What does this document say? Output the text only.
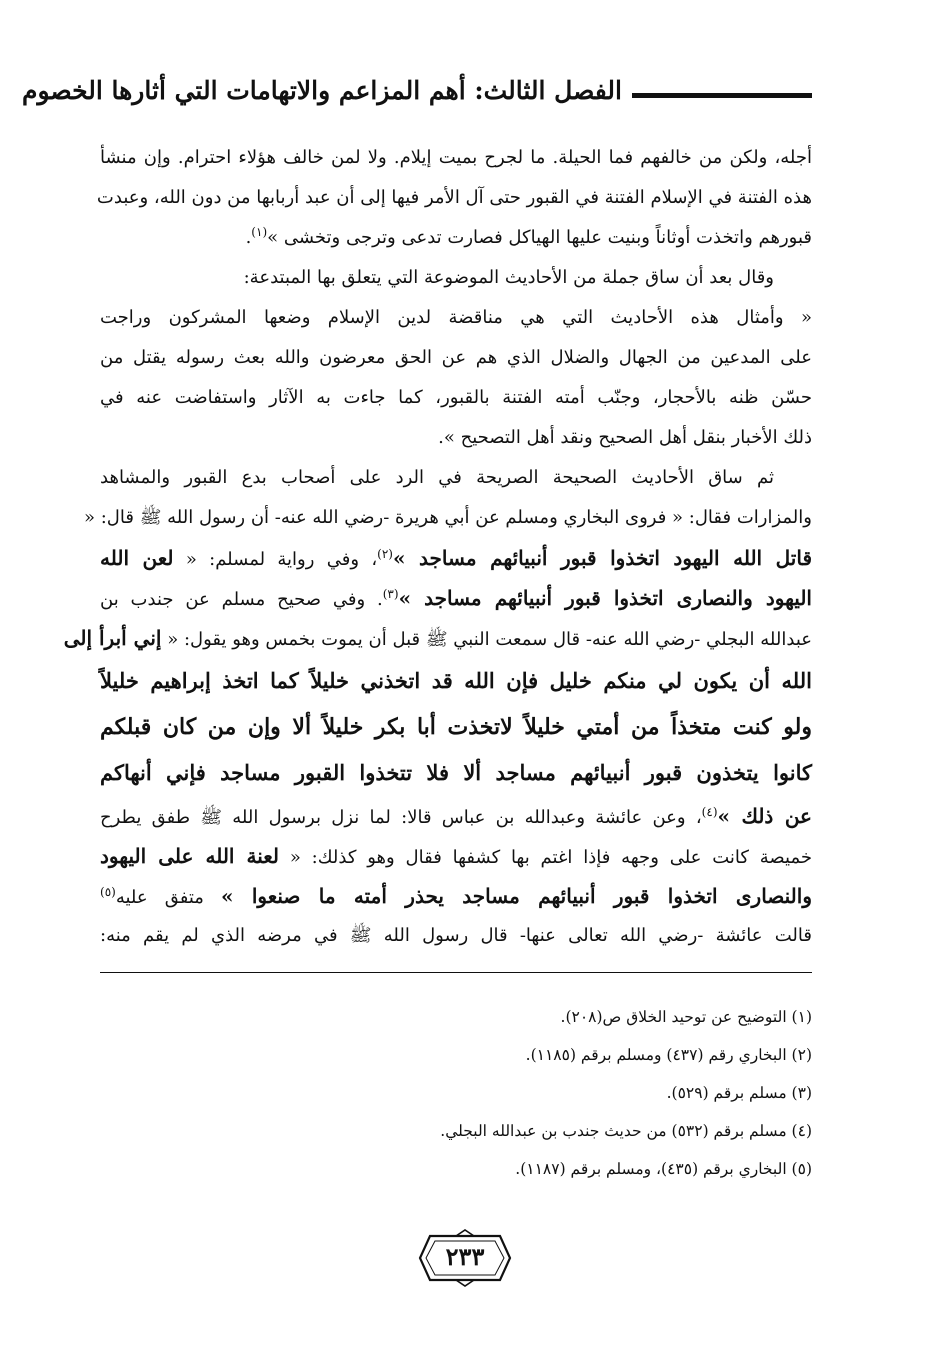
الفصل الثالث: أهم المزاعم والاتهامات التي أثارها الخصوم
أجله، ولكن من خالفهم فما الحيلة. ما لجرح بميت إيلام. ولا لمن خالف هؤلاء احترام. وإن منشأ
هذه الفتنة في الإسلام الفتنة في القبور حتى آل الأمر فيها إلى أن عبد أربابها من دون الله، وعبدت
قبورهم واتخذت أوثاناً وبنيت عليها الهياكل فصارت تدعى وترجى وتخشى »$^{(١)}$.
وقال بعد أن ساق جملة من الأحاديث الموضوعة التي يتعلق بها المبتدعة:
« وأمثال هذه الأحاديث التي هي مناقضة لدين الإسلام وضعها المشركون وراجت
على المدعين من الجهال والضلال الذي هم عن الحق معرضون والله بعث رسوله يقتل من
حسّن ظنه بالأحجار، وجنّب أمته الفتنة بالقبور، كما جاءت به الآثار واستفاضت عنه في
ذلك الأخبار بنقل أهل الصحيح ونقد أهل التصحيح ».
ثم ساق الأحاديث الصحيحة الصريحة في الرد على أصحاب بدع القبور والمشاهد
والمزارات فقال: « فروى البخاري ومسلم عن أبي هريرة -رضي الله عنه- أن رسول الله ﷺ قال: «
قاتل الله اليهود اتخذوا قبور أنبيائهم مساجد »$^{(٢)}$، وفي رواية لمسلم: « لعن الله
اليهود والنصارى اتخذوا قبور أنبيائهم مساجد »$^{(٣)}$. وفي صحيح مسلم عن جندب بن
عبدالله البجلي -رضي الله عنه- قال سمعت النبي ﷺ قبل أن يموت بخمس وهو يقول: « إني أبرأ إلى
الله أن يكون لي منكم خليل فإن الله قد اتخذني خليلاً كما اتخذ إبراهيم خليلاً
ولو كنت متخذاً من أمتي خليلاً لاتخذت أبا بكر خليلاً ألا وإن من كان قبلكم
كانوا يتخذون قبور أنبيائهم مساجد ألا فلا تتخذوا القبور مساجد فإني أنهاكم
عن ذلك »$^{(٤)}$، وعن عائشة وعبدالله بن عباس قالا: لما نزل برسول الله ﷺ طفق يطرح
خميصة كانت على وجهه فإذا اغتم بها كشفها فقال وهو كذلك: « لعنة الله على اليهود
والنصارى اتخذوا قبور أنبيائهم مساجد يحذر أمته ما صنعوا » متفق عليه$^{(٥)}$
قالت عائشة -رضي الله تعالى عنها- قال رسول الله ﷺ في مرضه الذي لم يقم منه:
(١) التوضيح عن توحيد الخلاق ص(٢٠٨).
(٢) البخاري رقم (٤٣٧) ومسلم برقم (١١٨٥).
(٣) مسلم برقم (٥٢٩).
(٤) مسلم برقم (٥٣٢) من حديث جندب بن عبدالله البجلي.
(٥) البخاري برقم (٤٣٥)، ومسلم برقم (١١٨٧).
٢٣٣
